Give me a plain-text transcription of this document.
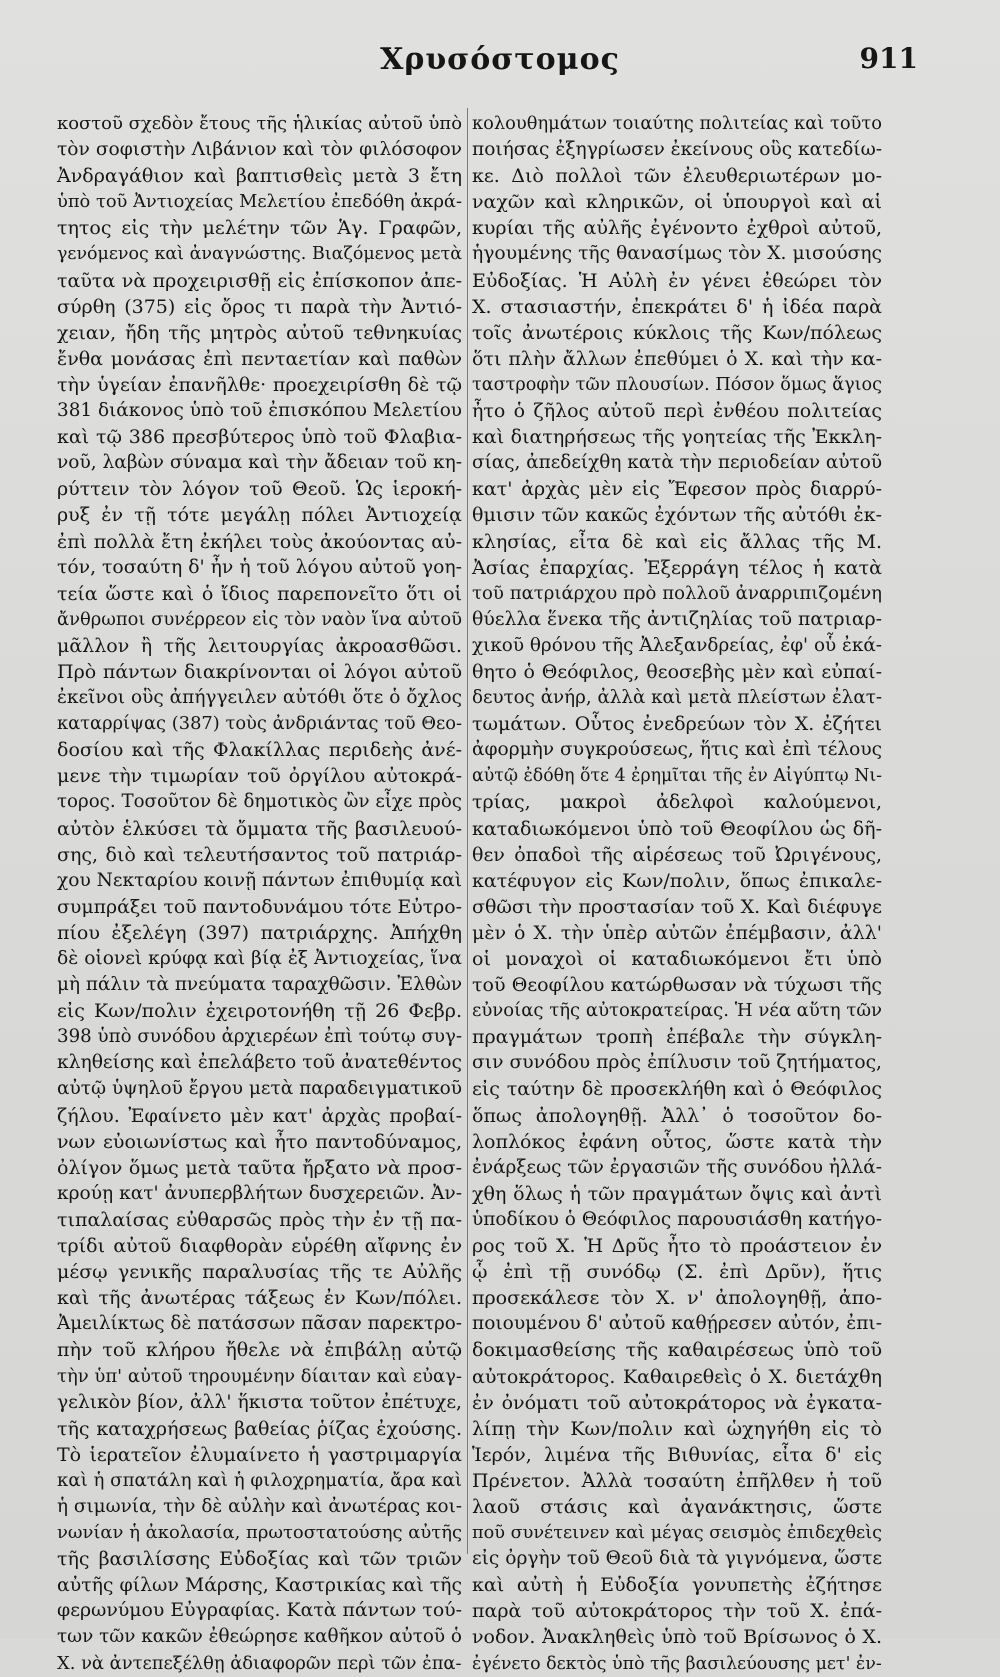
Χρυσόστομος	911
κοστοῦ σχεδὸν ἔτους τῆς ἡλικίας αὐτοῦ ὑπὸ
τὸν σοφιστὴν Λιβάνιον καὶ τὸν φιλόσοφον
Ἀνδραγάθιον καὶ βαπτισθεὶς μετὰ 3 ἔτη
ὑπὸ τοῦ Ἀντιοχείας Μελετίου ἐπεδόθη ἀκρά-
τητος εἰς τὴν μελέτην τῶν Ἁγ. Γραφῶν,
γενόμενος καὶ ἀναγνώστης. Βιαζόμενος μετὰ
ταῦτα νὰ προχειρισθῇ εἰς ἐπίσκοπον ἀπε-
σύρθη (375) εἰς ὄρος τι παρὰ τὴν Ἀντιό-
χειαν, ἤδη τῆς μητρὸς αὐτοῦ τεθνηκυίας
ἔνθα μονάσας ἐπὶ πενταετίαν καὶ παθὼν
τὴν ὑγείαν ἐπανῆλθε· προεχειρίσθη δὲ τῷ
381 διάκονος ὑπὸ τοῦ ἐπισκόπου Μελετίου
καὶ τῷ 386 πρεσβύτερος ὑπὸ τοῦ Φλαβια-
νοῦ, λαβὼν σύναμα καὶ τὴν ἄδειαν τοῦ κη-
ρύττειν τὸν λόγον τοῦ Θεοῦ. Ὡς ἱεροκή-
ρυξ ἐν τῇ τότε μεγάλῃ πόλει Ἀντιοχείᾳ
ἐπὶ πολλὰ ἔτη ἐκήλει τοὺς ἀκούοντας αὐ-
τόν, τοσαύτη δ' ἦν ἡ τοῦ λόγου αὐτοῦ γοη-
τεία ὥστε καὶ ὁ ἴδιος παρεπονεῖτο ὅτι οἱ
ἄνθρωποι συνέρρεον εἰς τὸν ναὸν ἵνα αὐτοῦ
μᾶλλον ἢ τῆς λειτουργίας ἀκροασθῶσι.
Πρὸ πάντων διακρίνονται οἱ λόγοι αὐτοῦ
ἐκεῖνοι οὓς ἀπήγγειλεν αὐτόθι ὅτε ὁ ὄχλος
καταρρίψας (387) τοὺς ἀνδριάντας τοῦ Θεο-
δοσίου καὶ τῆς Φλακίλλας περιδεὴς ἀνέ-
μενε τὴν τιμωρίαν τοῦ ὀργίλου αὐτοκρά-
τορος. Τοσοῦτον δὲ δημοτικὸς ὢν εἶχε πρὸς
αὐτὸν ἑλκύσει τὰ ὄμματα τῆς βασιλευού-
σης, διὸ καὶ τελευτήσαντος τοῦ πατριάρ-
χου Νεκταρίου κοινῇ πάντων ἐπιθυμίᾳ καὶ
συμπράξει τοῦ παντοδυνάμου τότε Εὐτρο-
πίου ἐξελέγη (397) πατριάρχης. Ἀπήχθη
δὲ οἱονεὶ κρύφᾳ καὶ βίᾳ ἐξ Ἀντιοχείας, ἵνα
μὴ πάλιν τὰ πνεύματα ταραχθῶσιν. Ἐλθὼν
εἰς Κων/πολιν ἐχειροτονήθη τῇ 26 Φεβρ.
398 ὑπὸ συνόδου ἀρχιερέων ἐπὶ τούτῳ συγ-
κληθείσης καὶ ἐπελάβετο τοῦ ἀνατεθέντος
αὐτῷ ὑψηλοῦ ἔργου μετὰ παραδειγματικοῦ
ζήλου. Ἐφαίνετο μὲν κατ' ἀρχὰς προβαί-
νων εὐοιωνίστως καὶ ἦτο παντοδύναμος,
ὀλίγον ὅμως μετὰ ταῦτα ἤρξατο νὰ προσ-
κρούῃ κατ' ἀνυπερβλήτων δυσχερειῶν. Ἀν-
τιπαλαίσας εὐθαρσῶς πρὸς τὴν ἐν τῇ πα-
τρίδι αὐτοῦ διαφθορὰν εὑρέθη αἴφνης ἐν
μέσῳ γενικῆς παραλυσίας τῆς τε Αὐλῆς
καὶ τῆς ἀνωτέρας τάξεως ἐν Κων/πόλει.
Ἀμειλίκτως δὲ πατάσσων πᾶσαν παρεκτρο-
πὴν τοῦ κλήρου ἤθελε νὰ ἐπιβάλῃ αὐτῷ
τὴν ὑπ' αὐτοῦ τηρουμένην δίαιταν καὶ εὐαγ-
γελικὸν βίον, ἀλλ' ἥκιστα τοῦτον ἐπέτυχε,
τῆς καταχρήσεως βαθείας ῥίζας ἐχούσης.
Τὸ ἱερατεῖον ἐλυμαίνετο ἡ γαστριμαργία
καὶ ἡ σπατάλη καὶ ἡ φιλοχρηματία, ἄρα καὶ
ἡ σιμωνία, τὴν δὲ αὐλὴν καὶ ἀνωτέρας κοι-
νωνίαν ἡ ἀκολασία, πρωτοστατούσης αὐτῆς
τῆς βασιλίσσης Εὐδοξίας καὶ τῶν τριῶν
αὐτῆς φίλων Μάρσης, Καστρικίας καὶ τῆς
φερωνύμου Εὐγραφίας. Κατὰ πάντων τού-
των τῶν κακῶν ἐθεώρησε καθῆκον αὐτοῦ ὁ
Χ. νὰ ἀντεπεξέλθῃ ἀδιαφορῶν περὶ τῶν ἐπα-
κολουθημάτων τοιαύτης πολιτείας καὶ τοῦτο
ποιήσας ἐξηγρίωσεν ἐκείνους οὓς κατεδίω-
κε. Διὸ πολλοὶ τῶν ἐλευθεριωτέρων μο-
ναχῶν καὶ κληρικῶν, οἱ ὑπουργοὶ καὶ αἱ
κυρίαι τῆς αὐλῆς ἐγένοντο ἐχθροὶ αὐτοῦ,
ἡγουμένης τῆς θανασίμως τὸν Χ. μισούσης
Εὐδοξίας. Ἡ Αὐλὴ ἐν γένει ἐθεώρει τὸν
Χ. στασιαστήν, ἐπεκράτει δ' ἡ ἰδέα παρὰ
τοῖς ἀνωτέροις κύκλοις τῆς Κων/πόλεως
ὅτι πλὴν ἄλλων ἐπεθύμει ὁ Χ. καὶ τὴν κα-
ταστροφὴν τῶν πλουσίων. Πόσον ὅμως ἅγιος
ἦτο ὁ ζῆλος αὐτοῦ περὶ ἐνθέου πολιτείας
καὶ διατηρήσεως τῆς γοητείας τῆς Ἐκκλη-
σίας, ἀπεδείχθη κατὰ τὴν περιοδείαν αὐτοῦ
κατ' ἀρχὰς μὲν εἰς Ἔφεσον πρὸς διαρρύ-
θμισιν τῶν κακῶς ἐχόντων τῆς αὐτόθι ἐκ-
κλησίας, εἶτα δὲ καὶ εἰς ἄλλας τῆς Μ.
Ἀσίας ἐπαρχίας. Ἐξερράγη τέλος ἡ κατὰ
τοῦ πατριάρχου πρὸ πολλοῦ ἀναρριπιζομένη
θύελλα ἕνεκα τῆς ἀντιζηλίας τοῦ πατριαρ-
χικοῦ θρόνου τῆς Ἀλεξανδρείας, ἐφ' οὗ ἐκά-
θητο ὁ Θεόφιλος, θεοσεβὴς μὲν καὶ εὐπαί-
δευτος ἀνήρ, ἀλλὰ καὶ μετὰ πλείστων ἐλατ-
τωμάτων. Οὗτος ἐνεδρεύων τὸν Χ. ἐζήτει
ἀφορμὴν συγκρούσεως, ἥτις καὶ ἐπὶ τέλους
αὐτῷ ἐδόθη ὅτε 4 ἐρημῖται τῆς ἐν Αἰγύπτῳ Νι-
τρίας, μακροὶ ἀδελφοὶ καλούμενοι,
καταδιωκόμενοι ὑπὸ τοῦ Θεοφίλου ὡς δῆ-
θεν ὀπαδοὶ τῆς αἱρέσεως τοῦ Ὠριγένους,
κατέφυγον εἰς Κων/πολιν, ὅπως ἐπικαλε-
σθῶσι τὴν προστασίαν τοῦ Χ. Καὶ διέφυγε
μὲν ὁ Χ. τὴν ὑπὲρ αὐτῶν ἐπέμβασιν, ἀλλ'
οἱ μοναχοὶ οἱ καταδιωκόμενοι ἔτι ὑπὸ
τοῦ Θεοφίλου κατώρθωσαν νὰ τύχωσι τῆς
εὐνοίας τῆς αὐτοκρατείρας. Ἡ νέα αὕτη τῶν
πραγμάτων τροπὴ ἐπέβαλε τὴν σύγκλη-
σιν συνόδου πρὸς ἐπίλυσιν τοῦ ζητήματος,
εἰς ταύτην δὲ προσεκλήθη καὶ ὁ Θεόφιλος
ὅπως ἀπολογηθῇ. Ἀλλ᾿ ὁ τοσοῦτον δο-
λοπλόκος ἐφάνη οὗτος, ὥστε κατὰ τὴν
ἐνάρξεως τῶν ἐργασιῶν τῆς συνόδου ἠλλά-
χθη ὅλως ἡ τῶν πραγμάτων ὄψις καὶ ἀντὶ
ὑποδίκου ὁ Θεόφιλος παρουσιάσθη κατήγο-
ρος τοῦ Χ. Ἡ Δρῦς ἦτο τὸ προάστειον ἐν
ᾧ ἐπὶ τῇ συνόδῳ (Σ. ἐπὶ Δρῦν), ἥτις
προσεκάλεσε τὸν Χ. ν' ἀπολογηθῇ, ἀπο-
ποιουμένου δ' αὐτοῦ καθῄρεσεν αὐτόν, ἐπι-
δοκιμασθείσης τῆς καθαιρέσεως ὑπὸ τοῦ
αὐτοκράτορος. Καθαιρεθεὶς ὁ Χ. διετάχθη
ἐν ὀνόματι τοῦ αὐτοκράτορος νὰ ἐγκατα-
λίπῃ τὴν Κων/πολιν καὶ ὡχηγήθη εἰς τὸ
Ἱερόν, λιμένα τῆς Βιθυνίας, εἶτα δ' εἰς
Πρένετον. Ἀλλὰ τοσαύτη ἐπῆλθεν ἡ τοῦ
λαοῦ στάσις καὶ ἀγανάκτησις, ὥστε
ποῦ συνέτεινεν καὶ μέγας σεισμὸς ἐπιδεχθεὶς
εἰς ὀργὴν τοῦ Θεοῦ διὰ τὰ γιγνόμενα, ὥστε
καὶ αὐτὴ ἡ Εὐδοξία γονυπετὴς ἐζήτησε
παρὰ τοῦ αὐτοκράτορος τὴν τοῦ Χ. ἐπά-
νοδον. Ἀνακληθεὶς ὑπὸ τοῦ Βρίσωνος ὁ Χ.
ἐγένετο δεκτὸς ὑπὸ τῆς βασιλεύουσης μετ' ἐν-
